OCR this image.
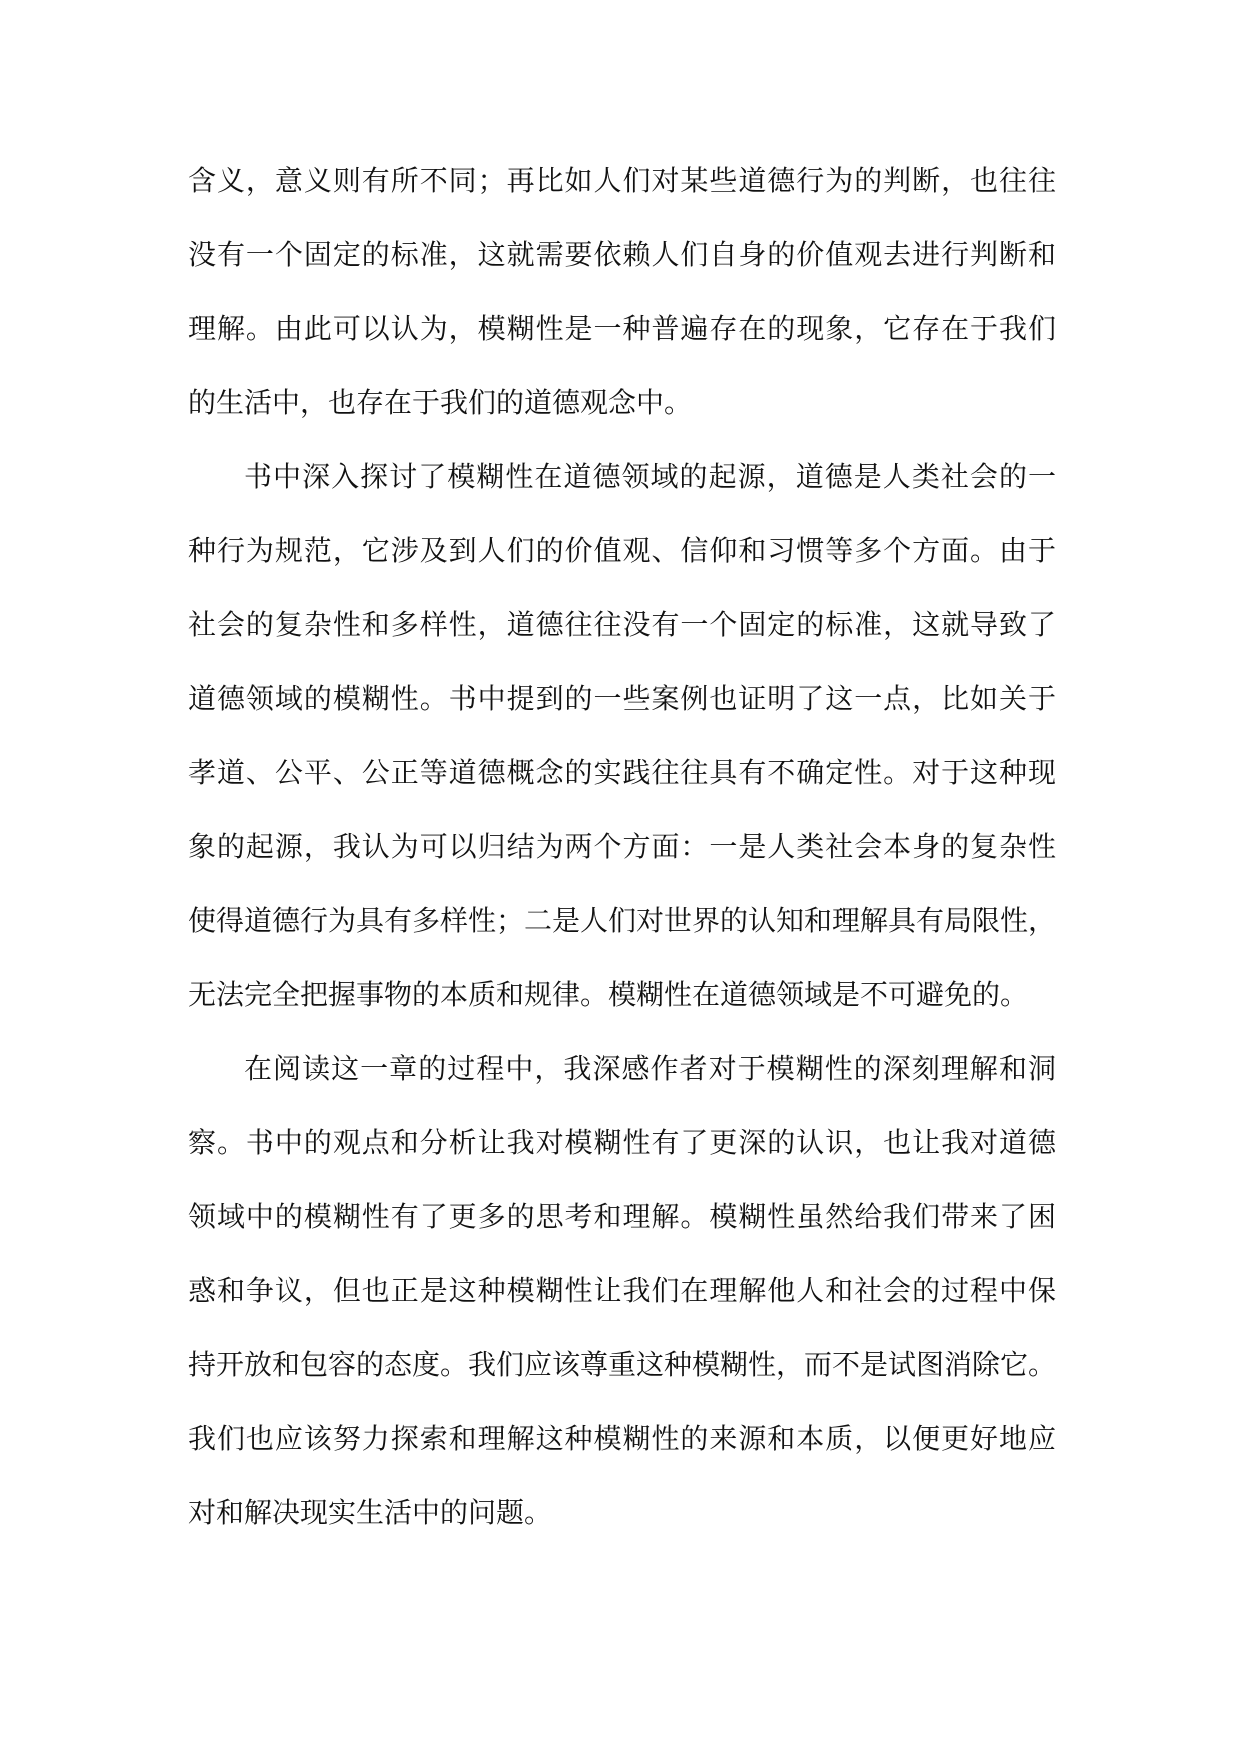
含义，意义则有所不同；再比如人们对某些道德行为的判断，也往往
没有一个固定的标准，这就需要依赖人们自身的价值观去进行判断和
理解。由此可以认为，模糊性是一种普遍存在的现象，它存在于我们
的生活中，也存在于我们的道德观念中。
书中深入探讨了模糊性在道德领域的起源，道德是人类社会的一
种行为规范，它涉及到人们的价值观、信仰和习惯等多个方面。由于
社会的复杂性和多样性，道德往往没有一个固定的标准，这就导致了
道德领域的模糊性。书中提到的一些案例也证明了这一点，比如关于
孝道、公平、公正等道德概念的实践往往具有不确定性。对于这种现
象的起源，我认为可以归结为两个方面：一是人类社会本身的复杂性
使得道德行为具有多样性；二是人们对世界的认知和理解具有局限性，
无法完全把握事物的本质和规律。模糊性在道德领域是不可避免的。
在阅读这一章的过程中，我深感作者对于模糊性的深刻理解和洞
察。书中的观点和分析让我对模糊性有了更深的认识，也让我对道德
领域中的模糊性有了更多的思考和理解。模糊性虽然给我们带来了困
惑和争议，但也正是这种模糊性让我们在理解他人和社会的过程中保
持开放和包容的态度。我们应该尊重这种模糊性，而不是试图消除它。
我们也应该努力探索和理解这种模糊性的来源和本质，以便更好地应
对和解决现实生活中的问题。
